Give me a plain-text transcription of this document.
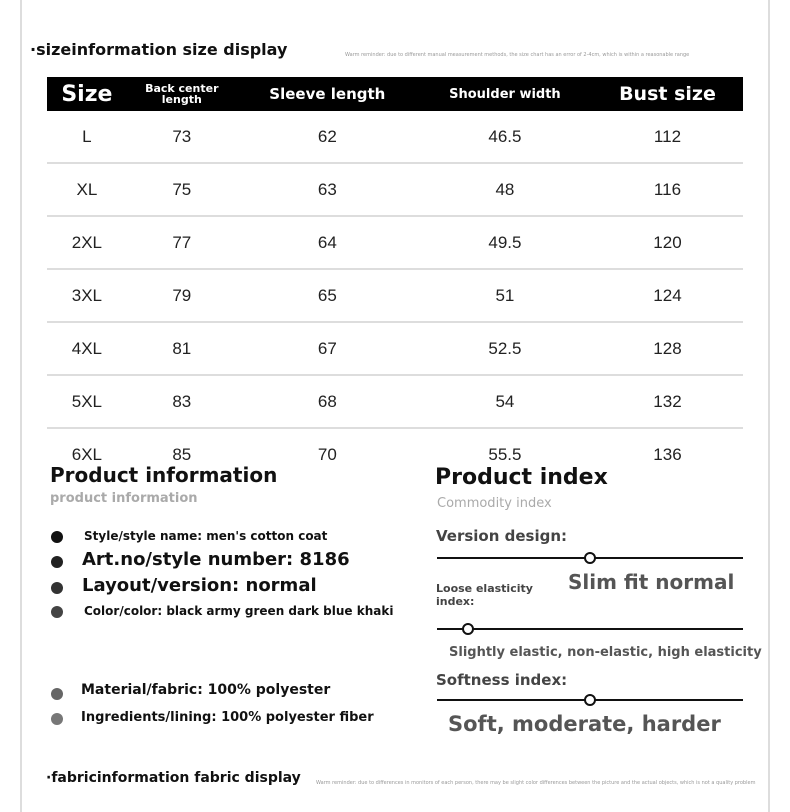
·sizeinformation size display	Warm reminder: due to different manual measurement methods, the size chart has an error of 2-4cm, which is within a reasonable range
Size	Back center length	Sleeve length	Shoulder width	Bust size
L	73	62	46.5	112
XL	75	63	48	116
2XL	77	64	49.5	120
3XL	79	65	51	124
4XL	81	67	52.5	128
5XL	83	68	54	132
6XL	85	70	55.5	136
Product information
product information
Style/style name: men's cotton coat
Art.no/style number: 8186
Layout/version: normal
Color/color: black army green dark blue khaki
Material/fabric: 100% polyester
Ingredients/lining: 100% polyester fiber
Product index
Commodity index
Version design:
Slim fit normal
Loose elasticity index:
Slightly elastic, non-elastic, high elasticity
Softness index:
Soft, moderate, harder
·fabricinformation fabric display	Warm reminder: due to differences in monitors of each person, there may be slight color differences between the picture and the actual objects, which is not a quality problem
